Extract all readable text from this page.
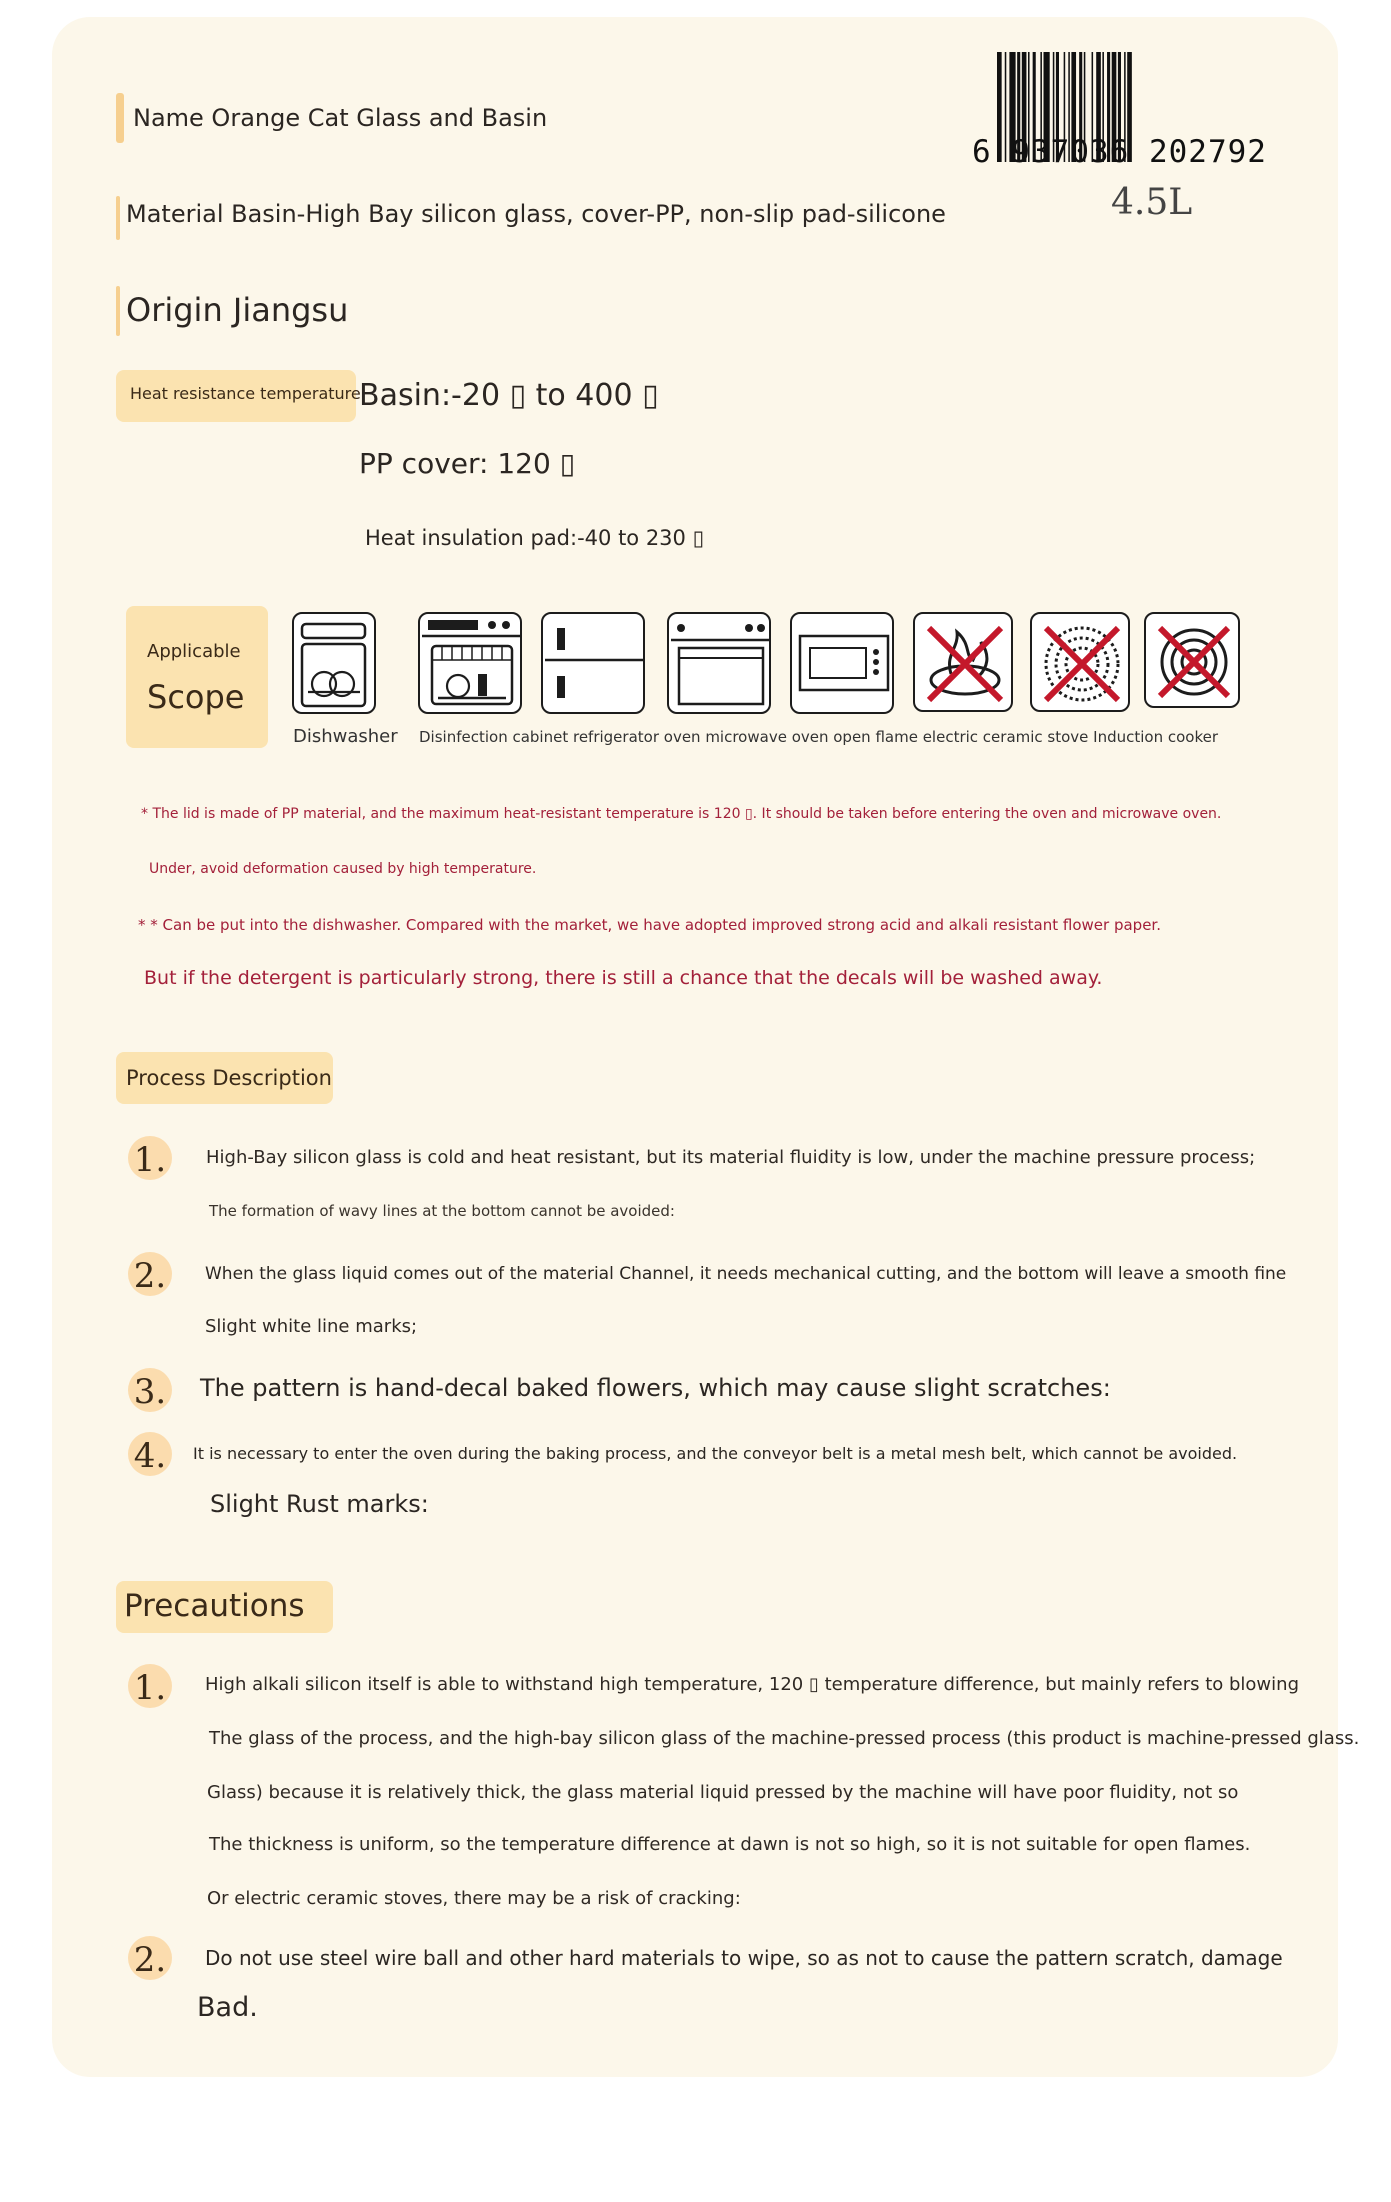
Name Orange Cat Glass and Basin
Material Basin-High Bay silicon glass, cover-PP, non-slip pad-silicone
Origin Jiangsu
6 937036 202792
4.5L
Heat resistance temperature
Basin:-20 ▯ to 400 ▯
PP cover: 120 ▯
Heat insulation pad:-40 to 230 ▯
Applicable
Scope
Dishwasher Disinfection cabinet refrigerator oven microwave oven open flame electric ceramic stove Induction cooker
* The lid is made of PP material, and the maximum heat-resistant temperature is 120 ▯. It should be taken before entering the oven and microwave oven.
Under, avoid deformation caused by high temperature.
* * Can be put into the dishwasher. Compared with the market, we have adopted improved strong acid and alkali resistant flower paper.
But if the detergent is particularly strong, there is still a chance that the decals will be washed away.
Process Description
1.	High-Bay silicon glass is cold and heat resistant, but its material fluidity is low, under the machine pressure process;
The formation of wavy lines at the bottom cannot be avoided:
2.	When the glass liquid comes out of the material Channel, it needs mechanical cutting, and the bottom will leave a smooth fine
Slight white line marks;
3. The pattern is hand-decal baked flowers, which may cause slight scratches:
4.	It is necessary to enter the oven during the baking process, and the conveyor belt is a metal mesh belt, which cannot be avoided.
Slight Rust marks:
Precautions
1.	High alkali silicon itself is able to withstand high temperature, 120 ▯ temperature difference, but mainly refers to blowing
The glass of the process, and the high-bay silicon glass of the machine-pressed process (this product is machine-pressed glass.
Glass) because it is relatively thick, the glass material liquid pressed by the machine will have poor fluidity, not so
The thickness is uniform, so the temperature difference at dawn is not so high, so it is not suitable for open flames.
Or electric ceramic stoves, there may be a risk of cracking:
2. Do not use steel wire ball and other hard materials to wipe, so as not to cause the pattern scratch, damage
Bad.
